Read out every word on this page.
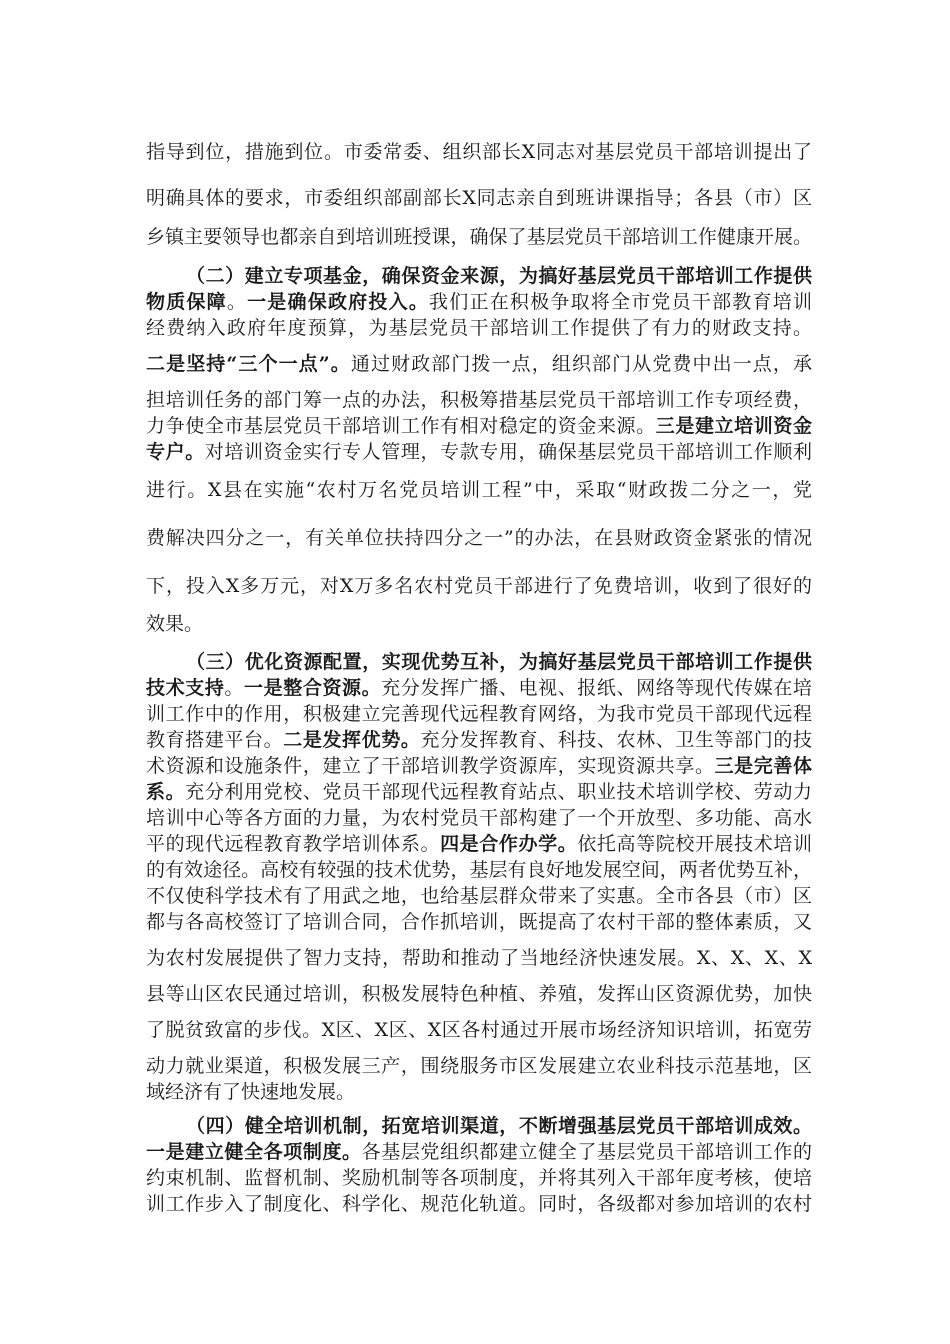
指导到位，措施到位。市委常委、组织部长X同志对基层党员干部培训提出了
明确具体的要求，市委组织部副部长X同志亲自到班讲课指导；各县（市）区
乡镇主要领导也都亲自到培训班授课，确保了基层党员干部培训工作健康开展。
（二）建立专项基金，确保资金来源，为搞好基层党员干部培训工作提供
物质保障。一是确保政府投入。我们正在积极争取将全市党员干部教育培训
经费纳入政府年度预算，为基层党员干部培训工作提供了有力的财政支持。
二是坚持“三个一点”。通过财政部门拨一点，组织部门从党费中出一点，承
担培训任务的部门筹一点的办法，积极筹措基层党员干部培训工作专项经费，
力争使全市基层党员干部培训工作有相对稳定的资金来源。三是建立培训资金
专户。对培训资金实行专人管理，专款专用，确保基层党员干部培训工作顺利
进行。X县在实施“农村万名党员培训工程”中，采取“财政拨二分之一，党
费解决四分之一，有关单位扶持四分之一”的办法，在县财政资金紧张的情况
下，投入X多万元，对X万多名农村党员干部进行了免费培训，收到了很好的
效果。
（三）优化资源配置，实现优势互补，为搞好基层党员干部培训工作提供
技术支持。一是整合资源。充分发挥广播、电视、报纸、网络等现代传媒在培
训工作中的作用，积极建立完善现代远程教育网络，为我市党员干部现代远程
教育搭建平台。二是发挥优势。充分发挥教育、科技、农林、卫生等部门的技
术资源和设施条件，建立了干部培训教学资源库，实现资源共享。三是完善体
系。充分利用党校、党员干部现代远程教育站点、职业技术培训学校、劳动力
培训中心等各方面的力量，为农村党员干部构建了一个开放型、多功能、高水
平的现代远程教育教学培训体系。四是合作办学。依托高等院校开展技术培训
的有效途径。高校有较强的技术优势，基层有良好地发展空间，两者优势互补，
不仅使科学技术有了用武之地，也给基层群众带来了实惠。全市各县（市）区
都与各高校签订了培训合同，合作抓培训，既提高了农村干部的整体素质，又
为农村发展提供了智力支持，帮助和推动了当地经济快速发展。X、X、X、X
县等山区农民通过培训，积极发展特色种植、养殖，发挥山区资源优势，加快
了脱贫致富的步伐。X区、X区、X区各村通过开展市场经济知识培训，拓宽劳
动力就业渠道，积极发展三产，围绕服务市区发展建立农业科技示范基地，区
域经济有了快速地发展。
（四）健全培训机制，拓宽培训渠道，不断增强基层党员干部培训成效。
一是建立健全各项制度。各基层党组织都建立健全了基层党员干部培训工作的
约束机制、监督机制、奖励机制等各项制度，并将其列入干部年度考核，使培
训工作步入了制度化、科学化、规范化轨道。同时，各级都对参加培训的农村
